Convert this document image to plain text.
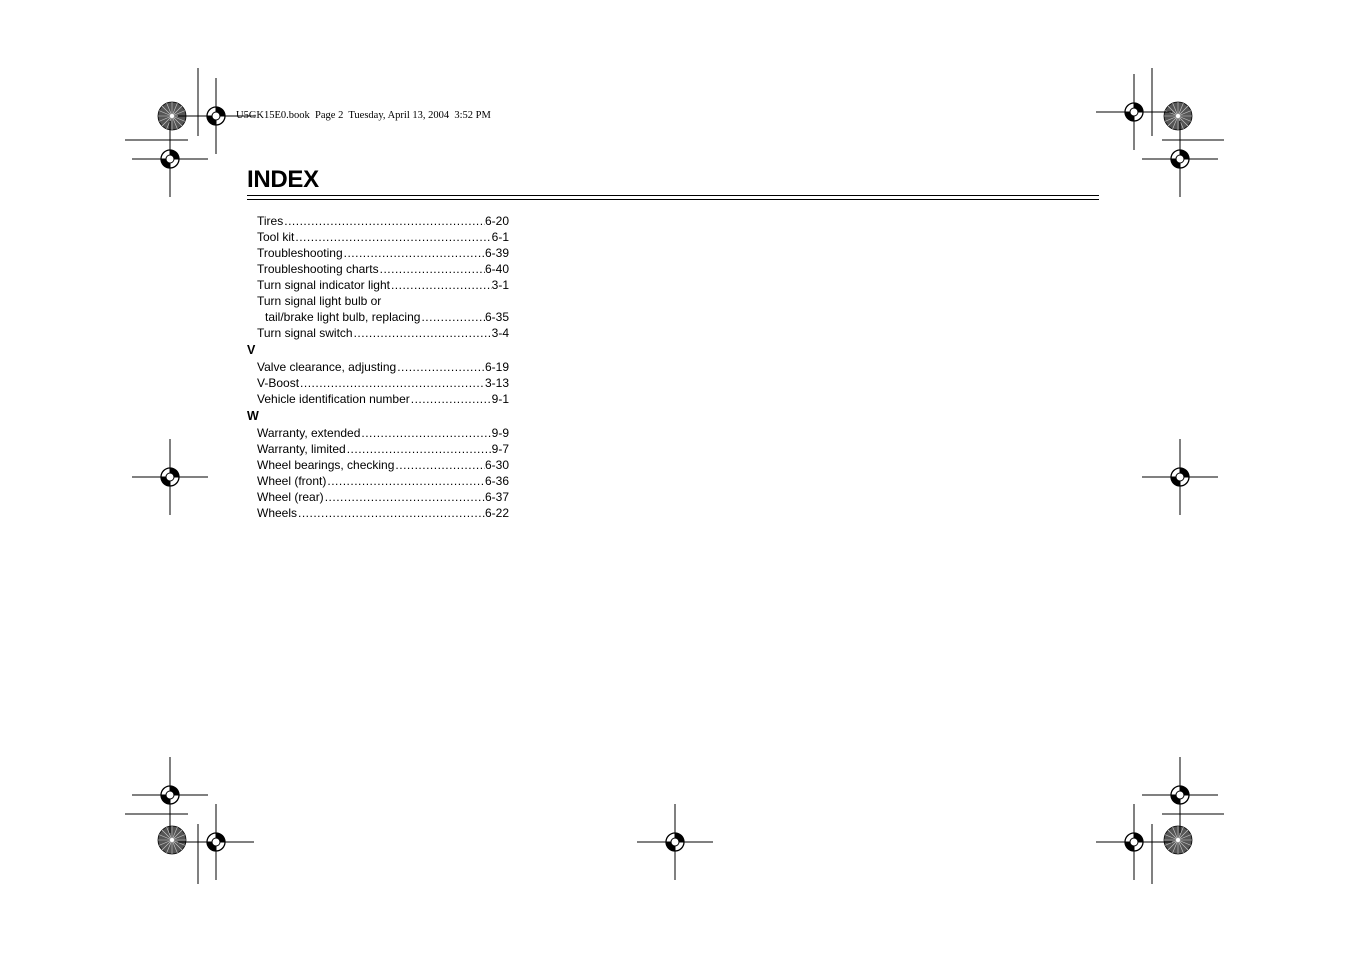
U5GK15E0.book  Page 2  Tuesday, April 13, 2004  3:52 PM
INDEX
Tires .....	6-20
Tool kit .....	6-1
Troubleshooting .....	6-39
Troubleshooting charts .....	6-40
Turn signal indicator light .....	3-1
Turn signal light bulb or
tail/brake light bulb, replacing .....	6-35
Turn signal switch .....	3-4
V
Valve clearance, adjusting .....	6-19
V-Boost .....	3-13
Vehicle identification number .....	9-1
W
Warranty, extended .....	9-9
Warranty, limited .....	9-7
Wheel bearings, checking .....	6-30
Wheel (front) .....	6-36
Wheel (rear) .....	6-37
Wheels .....	6-22
